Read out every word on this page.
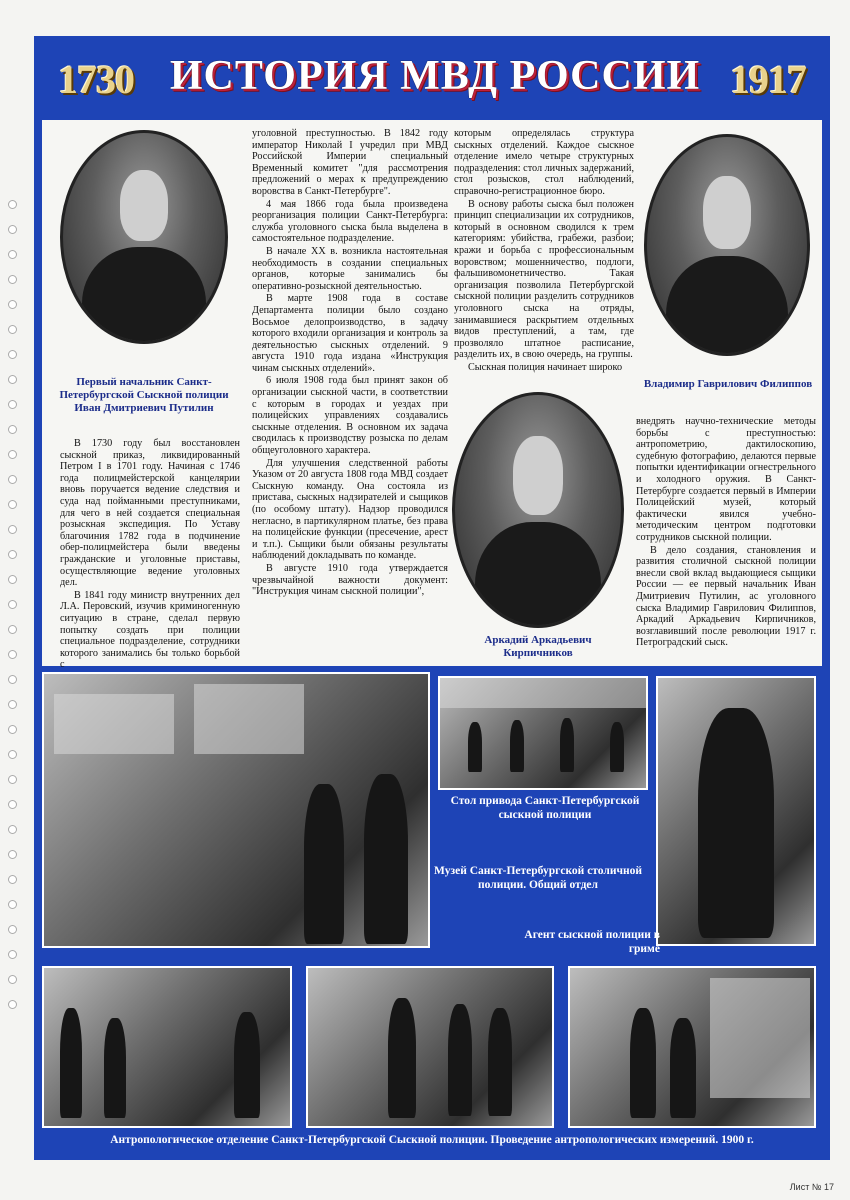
1730 ИСТОРИЯ МВД РОССИИ 1917
Первый начальник Санкт-Петербургской Сыскной полиции Иван Дмитриевич Путилин

В 1730 году был восстановлен сыскной приказ, ликвидированный Петром I в 1701 году. Начиная с 1746 года полицмейстерской канцелярии вновь поручается ведение следствия и суда над пойманными преступниками, для чего в ней создается специальная розыскная экспедиция. По Уставу благочиния 1782 года в подчинение обер-полицмейстера были введены гражданские и уголовные приставы, осуществляющие ведение уголовных дел.

В 1841 году министр внутренних дел Л.А. Перовский, изучив криминогенную ситуацию в стране, сделал первую попытку создать при полиции специальное подразделение, сотрудники которого занимались бы только борьбой с

уголовной преступностью. В 1842 году император Николай I учредил при МВД Российской Империи специальный Временный комитет "для рассмотрения предложений о мерах к предупреждению воровства в Санкт-Петербурге".

4 мая 1866 года была произведена реорганизация полиции Санкт-Петербурга: служба уголовного сыска была выделена в самостоятельное подразделение.

В начале XX в. возникла настоятельная необходимость в создании специальных органов, которые занимались бы оперативно-розыскной деятельностью.

В марте 1908 года в составе Департамента полиции было создано Восьмое делопроизводство, в задачу которого входили организация и контроль за деятельностью сыскных отделений. 9 августа 1910 года издана «Инструкция чинам сыскных отделений».

6 июля 1908 года был принят закон об организации сыскной части, в соответствии с которым в городах и уездах при полицейских управлениях создавались сыскные отделения. В основном их задача сводилась к производству розыска по делам общеуголовного характера.

Для улучшения следственной работы Указом от 20 августа 1808 года МВД создает Сыскную команду. Она состояла из пристава, сыскных надзирателей и сыщиков (по особому штату). Надзор проводился негласно, в партикулярном платье, без права на полицейские функции (пресечение, арест и т.п.). Сыщики были обязаны результаты наблюдений докладывать по команде.

В августе 1910 года утверждается чрезвычайной важности документ: "Инструкция чинам сыскной полиции",

которым определялась структура сыскных отделений. Каждое сыскное отделение имело четыре структурных подразделения: стол личных задержаний, стол розысков, стол наблюдений, справочно-регистрационное бюро.

В основу работы сыска был положен принцип специализации их сотрудников, который в основном сводился к трем категориям: убийства, грабежи, разбои; кражи и борьба с профессиональным воровством; мошенничество, подлоги, фальшивомонетничество. Такая организация позволила Петербургской сыскной полиции разделить сотрудников уголовного сыска на отряды, занимавшиеся раскрытием отдельных видов преступлений, а там, где прозволяло штатное расписание, разделить их, в свою очередь, на группы.

Сыскная полиция начинает широко

Владимир Гаврилович Филиппов
Аркадий Аркадьевич Кирпичников

внедрять научно-технические методы борьбы с преступностью: антропометрию, дактилоскопию, судебную фотографию, делаются первые попытки идентификации огнестрельного и холодного оружия. В Санкт-Петербурге создается первый в Империи Полицейский музей, который фактически явился учебно-методическим центром подготовки сотрудников сыскной полиции.

В дело создания, становления и развития столичной сыскной полиции внесли свой вклад выдающиеся сыщики России — ее первый начальник Иван Дмитриевич Путилин, ас уголовного сыска Владимир Гаврилович Филиппов, Аркадий Аркадьевич Кирпичников, возглавивший после революции 1917 г. Петроградский сыск.

Стол привода Санкт-Петербургской сыскной полиции
Музей Санкт-Петербургской столичной полиции. Общий отдел
Агент сыскной полиции в гриме
Антропологическое отделение Санкт-Петербургской Сыскной полиции. Проведение антропологических измерений. 1900 г.
Лист № 17
